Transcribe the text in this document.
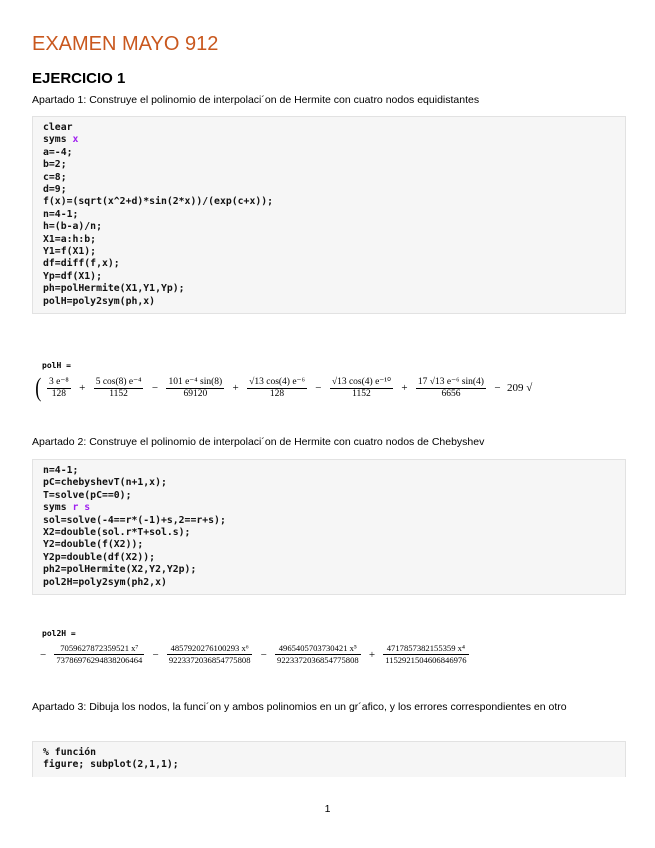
EXAMEN MAYO 912
EJERCICIO 1
Apartado 1: Construye el polinomio de interpolaci´on de Hermite con cuatro nodos equidistantes
clear
syms x
a=-4;
b=2;
c=8;
d=9;
f(x)=(sqrt(x^2+d)*sin(2*x))/(exp(c+x));
n=4-1;
h=(b-a)/n;
X1=a:h:b;
Y1=f(X1);
df=diff(f,x);
Yp=df(X1);
ph=polHermite(X1,Y1,Yp);
polH=poly2sym(ph,x)
polH =
( $\frac{\text{3 e⁻⁸}}{128} + \frac{\text{5 cos(8) e⁻⁴}}{1152} - \frac{\text{101 e⁻⁴ sin(8)}}{69120} + \frac{\text{√13 cos(4) e⁻⁶}}{128} - \frac{\text{√13 cos(4) e⁻¹⁰}}{1152} + \frac{\text{17 √13 e⁻⁶ sin(4)}}{6656} - 209$ √
Apartado 2: Construye el polinomio de interpolaci´on de Hermite con cuatro nodos de Chebyshev
n=4-1;
pC=chebyshevT(n+1,x);
T=solve(pC==0);
syms r s
sol=solve(-4==r*(-1)+s,2==r+s);
X2=double(sol.r*T+sol.s);
Y2=double(f(X2));
Y2p=double(df(X2));
ph2=polHermite(X2,Y2,Y2p);
pol2H=poly2sym(ph2,x)
pol2H =
− $\frac{\text{7059627872359521 x⁷}}{73786976294838206464} - \frac{\text{4857920276100293 x⁶}}{9223372036854775808} - \frac{\text{4965405703730421 x⁵}}{9223372036854775808} + \frac{\text{4717857382155359 x⁴}}{1152921504606846976}$
Apartado 3: Dibuja los nodos, la funci´on y ambos polinomios en un gr´afico, y los errores correspondientes en otro
% función
figure; subplot(2,1,1);
1
